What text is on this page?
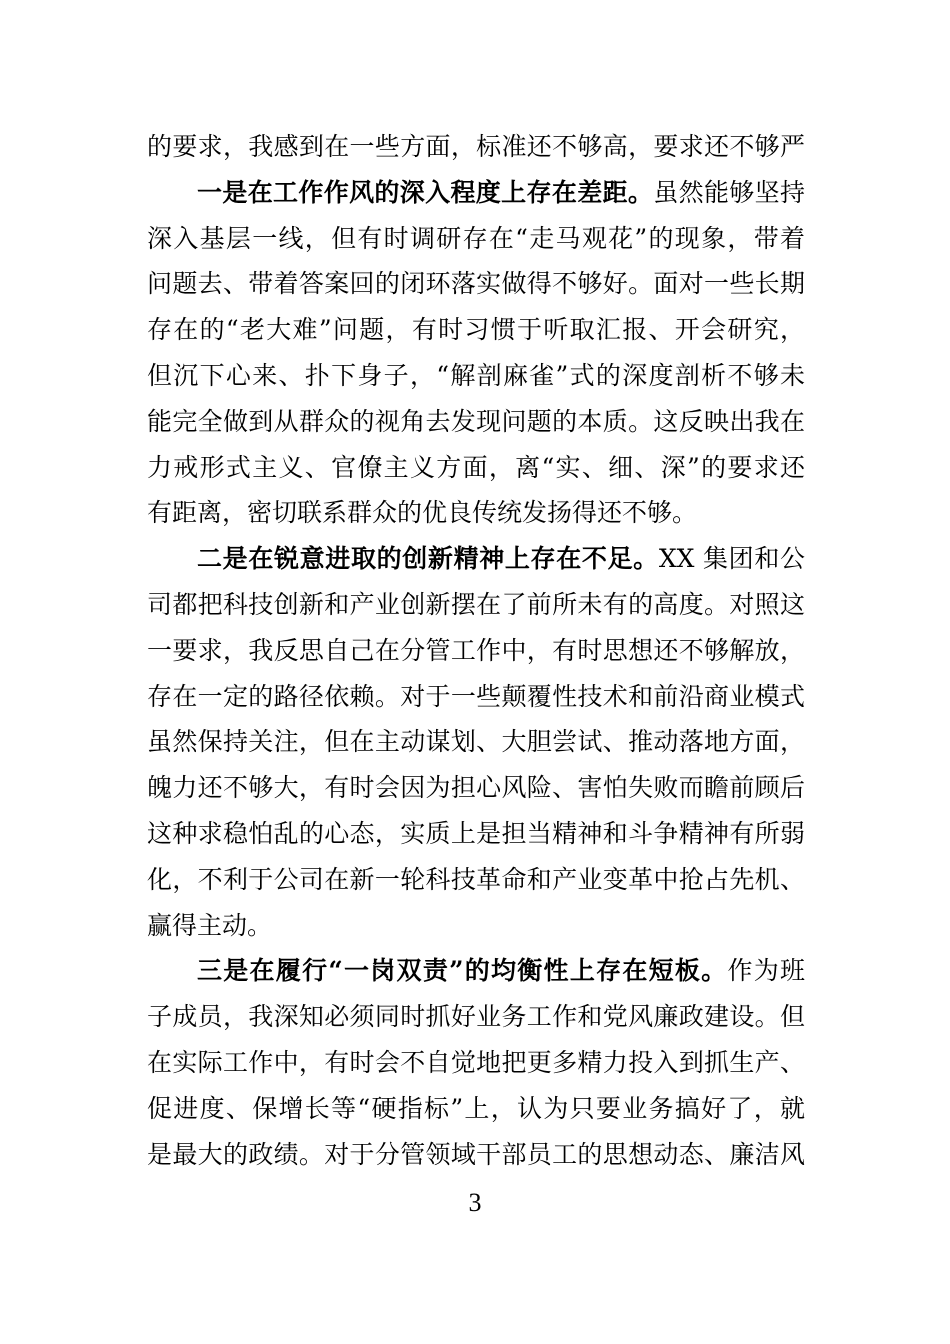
的要求，我感到在一些方面，标准还不够高，要求还不够严
一是在工作作风的深入程度上存在差距。虽然能够坚持
深入基层一线，但有时调研存在“走马观花”的现象，带着
问题去、带着答案回的闭环落实做得不够好。面对一些长期
存在的“老大难”问题，有时习惯于听取汇报、开会研究，
但沉下心来、扑下身子，“解剖麻雀”式的深度剖析不够未
能完全做到从群众的视角去发现问题的本质。这反映出我在
力戒形式主义、官僚主义方面，离“实、细、深”的要求还
有距离，密切联系群众的优良传统发扬得还不够。
二是在锐意进取的创新精神上存在不足。XX 集团和公
司都把科技创新和产业创新摆在了前所未有的高度。对照这
一要求，我反思自己在分管工作中，有时思想还不够解放，
存在一定的路径依赖。对于一些颠覆性技术和前沿商业模式
虽然保持关注，但在主动谋划、大胆尝试、推动落地方面，
魄力还不够大，有时会因为担心风险、害怕失败而瞻前顾后
这种求稳怕乱的心态，实质上是担当精神和斗争精神有所弱
化，不利于公司在新一轮科技革命和产业变革中抢占先机、
赢得主动。
三是在履行“一岗双责”的均衡性上存在短板。作为班
子成员，我深知必须同时抓好业务工作和党风廉政建设。但
在实际工作中，有时会不自觉地把更多精力投入到抓生产、
促进度、保增长等“硬指标”上，认为只要业务搞好了，就
是最大的政绩。对于分管领域干部员工的思想动态、廉洁风
3
